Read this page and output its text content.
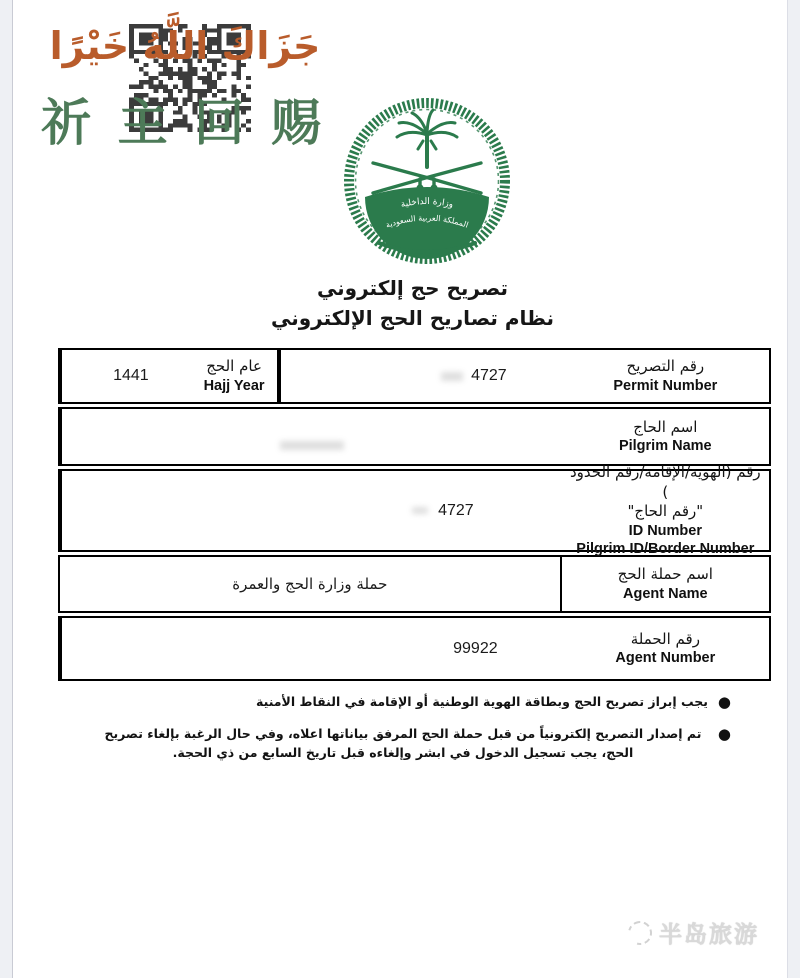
جَزَاكَ اللَّهُ خَيْرًا
祈 主 回 赐
وزارة الداخلية
المملكة العربية السعودية
تصريح حج إلكتروني
نظام تصاريح الحج الإلكتروني
رقم التصريح
Permit Number
4727
عام الحج
Hajj Year
1441
اسم الحاج
Pilgrim Name
رقم (الهوية/الإقامة/رقم الحدود )
"رقم الحاج"
ID Number
Pilgrim ID/Border Number
4727
اسم حملة الحج
Agent Name
حملة وزارة الحج والعمرة
رقم الحملة
Agent Number
99922
●
يجب إبراز تصريح الحج وبطاقة الهوية الوطنية أو الإقامة في النقاط الأمنية
●
تم إصدار التصريح إلكترونياً من قبل حملة الحج المرفق بياناتها اعلاه، وفي حال الرغبة بإلغاء تصريح الحج، يجب تسجيل الدخول في ابشر وإلغاءه قبل تاريخ السابع من ذي الحجة.
半岛旅游
